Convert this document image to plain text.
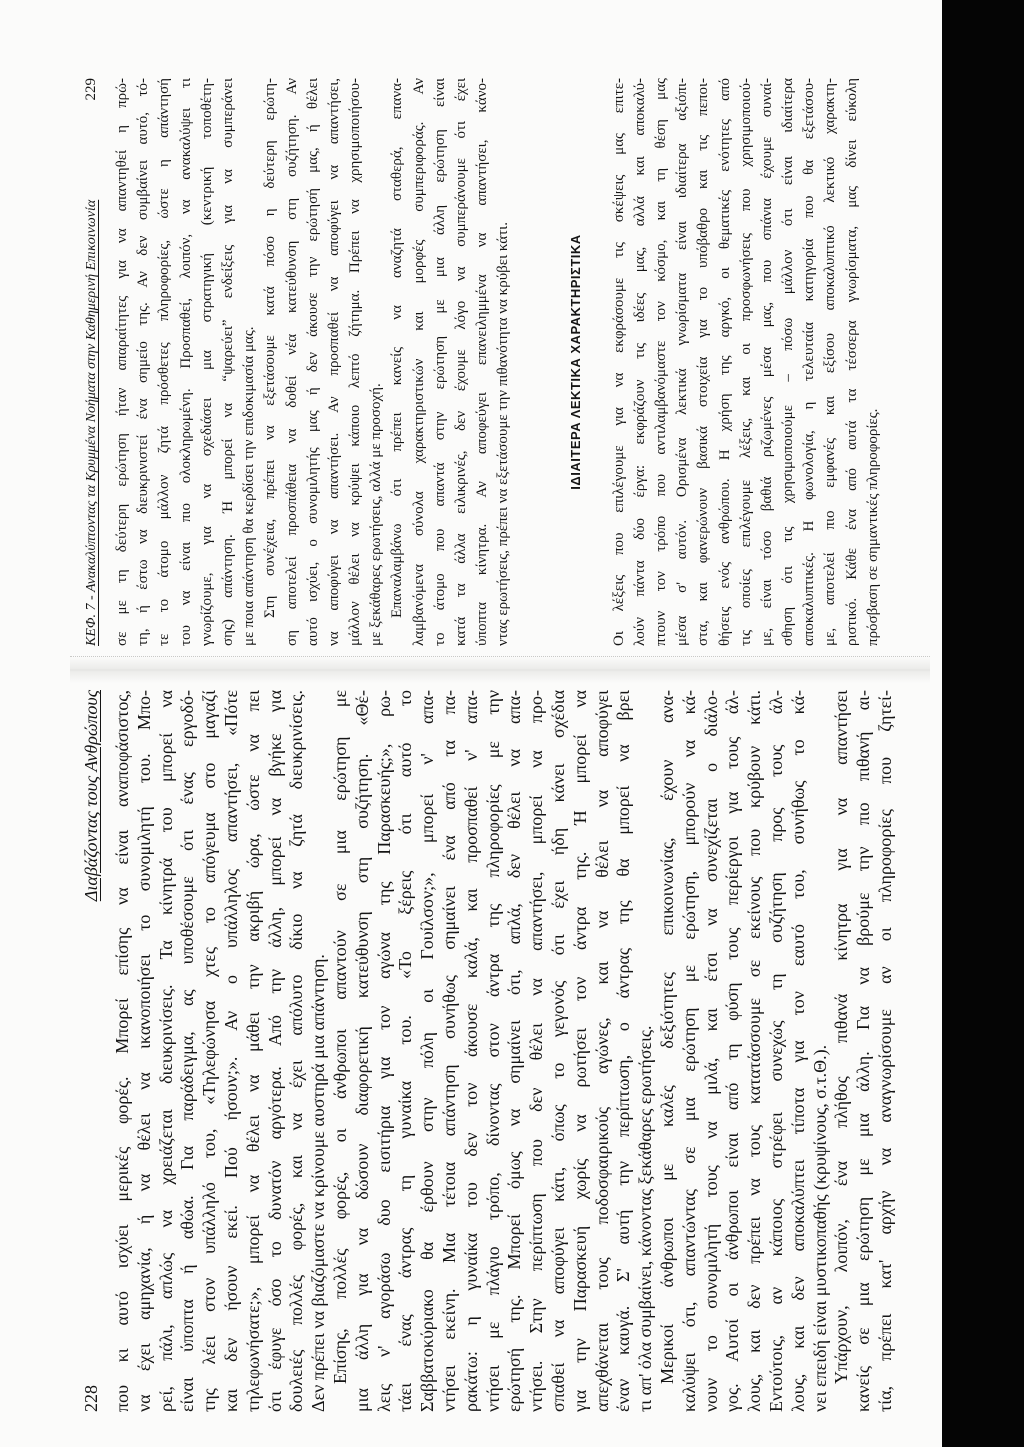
228
Διαβάζοντας τους Ανθρώπους που κι αυτό ισχύει μερικές φορές. Μπορεί επίσης να είναι αναποφάσιστος, να έχει αμηχανία, ή να θέλει να ικανοποιήσει το συνομιλητή του. Μπο- ρεί, πάλι, απλώς να χρειάζεται διευκρινίσεις. Τα κίνητρά του μπορεί να είναι ύποπτα ή αθώα. Για παράδειγμα, ας υποθέσουμε ότι ένας εργοδό- της λέει στον υπάλληλό του, «Τηλεφώνησα χτες το απόγευμα στο μαγαζί και δεν ήσουν εκεί. Πού ήσουν;». Αν ο υπάλληλος απαντήσει, «Πότε τηλεφωνήσατε;», μπορεί να θέλει να μάθει την ακριβή ώρα, ώστε να πει ότι έφυγε όσο το δυνατόν αργότερα. Από την άλλη, μπορεί να βγήκε για δουλειές πολλές φορές, και να έχει απόλυτο δίκιο να ζητά διευκρινίσεις. Δεν πρέπει να βιαζόμαστε να κρίνουμε αυστηρά μια απάντηση. Επίσης, πολλές φορές, οι άνθρωποι απαντούν σε μια ερώτηση με μια άλλη για να δώσουν διαφορετική κατεύθυνση στη συζήτηση. «Θέ- λεις ν' αγοράσω δυο εισιτήρια για τον αγώνα της Παρασκευής;», ρω- τάει ένας άντρας τη γυναίκα του. «Το ξέρεις ότι αυτό το Σαββατοκύριακο θα έρθουν στην πόλη οι Γουίλσον;», μπορεί ν' απα- ντήσει εκείνη. Μια τέτοια απάντηση συνήθως σημαίνει ένα από τα πα- ρακάτω: η γυναίκα του δεν τον άκουσε καλά, και προσπαθεί ν' απα- ντήσει με πλάγιο τρόπο, δίνοντας στον άντρα της πληροφορίες με την ερώτησή της. Μπορεί όμως να σημαίνει ότι, απλά, δεν θέλει να απα- ντήσει. Στην περίπτωση που δεν θέλει να απαντήσει, μπορεί να προ- σπαθεί να αποφύγει κάτι, όπως το γεγονός ότι έχει ήδη κάνει σχέδια για την Παρασκευή χωρίς να ρωτήσει τον άντρα της. Ή μπορεί να απεχθάνεται τους ποδοσφαιρικούς αγώνες, και να θέλει να αποφύγει έναν καυγά. Σ' αυτή την περίπτωση, ο άντρας της θα μπορεί να βρει τι απ' όλα συμβαίνει, κάνοντας ξεκάθαρες ερωτήσεις. Μερικοί άνθρωποι με καλές δεξιότητες επικοινωνίας, έχουν ανα- καλύψει ότι, απαντώντας σε μια ερώτηση με ερώτηση, μπορούν να κά- νουν το συνομιλητή τους να μιλά, και έτσι να συνεχίζεται ο διάλο- γος. Αυτοί οι άνθρωποι είναι από τη φύση τους περίεργοι για τους άλ- λους, και δεν πρέπει να τους κατατάσσουμε σε εκείνους που κρύβουν κάτι. Εντούτοις, αν κάποιος στρέφει συνεχώς τη συζήτηση προς τους άλ- λους, και δεν αποκαλύπτει τίποτα για τον εαυτό του, συνήθως το κά- νει επειδή είναι μυστικοπαθής (κρυψίνους, σ.τ.Θ.). Υπάρχουν, λοιπόν, ένα πλήθος πιθανά κίνητρα για να απαντήσει κανείς σε μια ερώτηση με μια άλλη. Για να βρούμε την πιο πιθανή αι- τία, πρέπει κατ' αρχήν να αναγνωρίσουμε αν οι πληροφορίες που ζητεί-
ΚΕΦ. 7 - Ανακαλύπτοντας τα Κρυμμένα Νοήματα στην Καθημερινή Επικοινωνία
229 σε με τη δεύτερη ερώτηση ήταν απαραίτητες για να απαντηθεί η πρώ- τη, ή έστω να διευκρινιστεί ένα σημείο της. Αν δεν συμβαίνει αυτό, τό- τε το άτομο μάλλον ζητά πρόσθετες πληροφορίες, ώστε η απάντησή του να είναι πιο ολοκληρωμένη. Προσπαθεί, λοιπόν, να ανακαλύψει τι γνωρίζουμε, για να σχεδιάσει μια στρατηγική (κεντρική τοποθέτη- σης) απάντηση. Ή μπορεί να “ψαρεύει” ενδείξεις για να συμπεράνει με ποια απάντηση θα κερδίσει την επιδοκιμασία μας. Στη συνέχεια, πρέπει να εξετάσουμε κατά πόσο η δεύτερη ερώτη- ση αποτελεί προσπάθεια να δοθεί νέα κατεύθυνση στη συζήτηση. Αν αυτό ισχύει, ο συνομιλητής μας ή δεν άκουσε την ερώτησή μας, ή θέλει να αποφύγει να απαντήσει. Αν προσπαθεί να αποφύγει να απαντήσει, μάλλον θέλει να κρύψει κάποιο λεπτό ζήτημα. Πρέπει να χρησιμοποιήσου- με ξεκάθαρες ερωτήσεις, αλλά με προσοχή. Επαναλαμβάνω ότι πρέπει κανείς να αναζητά σταθερά, επανα- λαμβανόμενα σύνολα χαρακτηριστικών και μορφές συμπεριφοράς. Αν το άτομο που απαντά στην ερώτηση με μια άλλη ερώτηση είναι κατά τα άλλα ειλικρινές, δεν έχουμε λόγο να συμπεράνουμε ότι έχει ύποπτα κίνητρα. Αν αποφεύγει επανειλημμένα να απαντήσει, κάνο- ντας ερωτήσεις, πρέπει να εξετάσουμε την πιθανότητα να κρύβει κάτι.	ΙΔΙΑΙΤΕΡΑ ΛΕΚΤΙΚΑ ΧΑΡΑΚΤΗΡΙΣΤΙΚΑ Οι λέξεις που επιλέγουμε για να εκφράσουμε τις σκέψεις μας επιτε- λούν πάντα δύο έργα: εκφράζουν τις ιδέες μας, αλλά και αποκαλύ- πτουν τον τρόπο που αντιλαμβανόμαστε τον κόσμο, και τη θέση μας μέσα σ' αυτόν. Ορισμένα λεκτικά γνωρίσματα είναι ιδιαίτερα αξιόπι- στα, και φανερώνουν βασικά στοιχεία για το υπόβαθρο και τις πεποι- θήσεις ενός ανθρώπου. Η χρήση της αργκό, οι θεματικές ενότητες από τις οποίες επιλέγουμε λέξεις, και οι προσφωνήσεις που χρησιμοποιού- με, είναι τόσο βαθιά ριζωμένες μέσα μας, που σπάνια έχουμε συναί- σθηση ότι τις χρησιμοποιούμε – πόσω μάλλον ότι είναι ιδιαίτερα αποκαλυπτικές. Η φωνολογία, η τελευταία κατηγορία που θα εξετάσου- με, αποτελεί πιο εμφανές και εξίσου αποκαλυπτικό λεκτικό χαρακτη- ριστικό. Κάθε ένα από αυτά τα τέσσερα γνωρίσματα, μας δίνει εύκολη πρόσβαση σε σημαντικές πληροφορίες.
